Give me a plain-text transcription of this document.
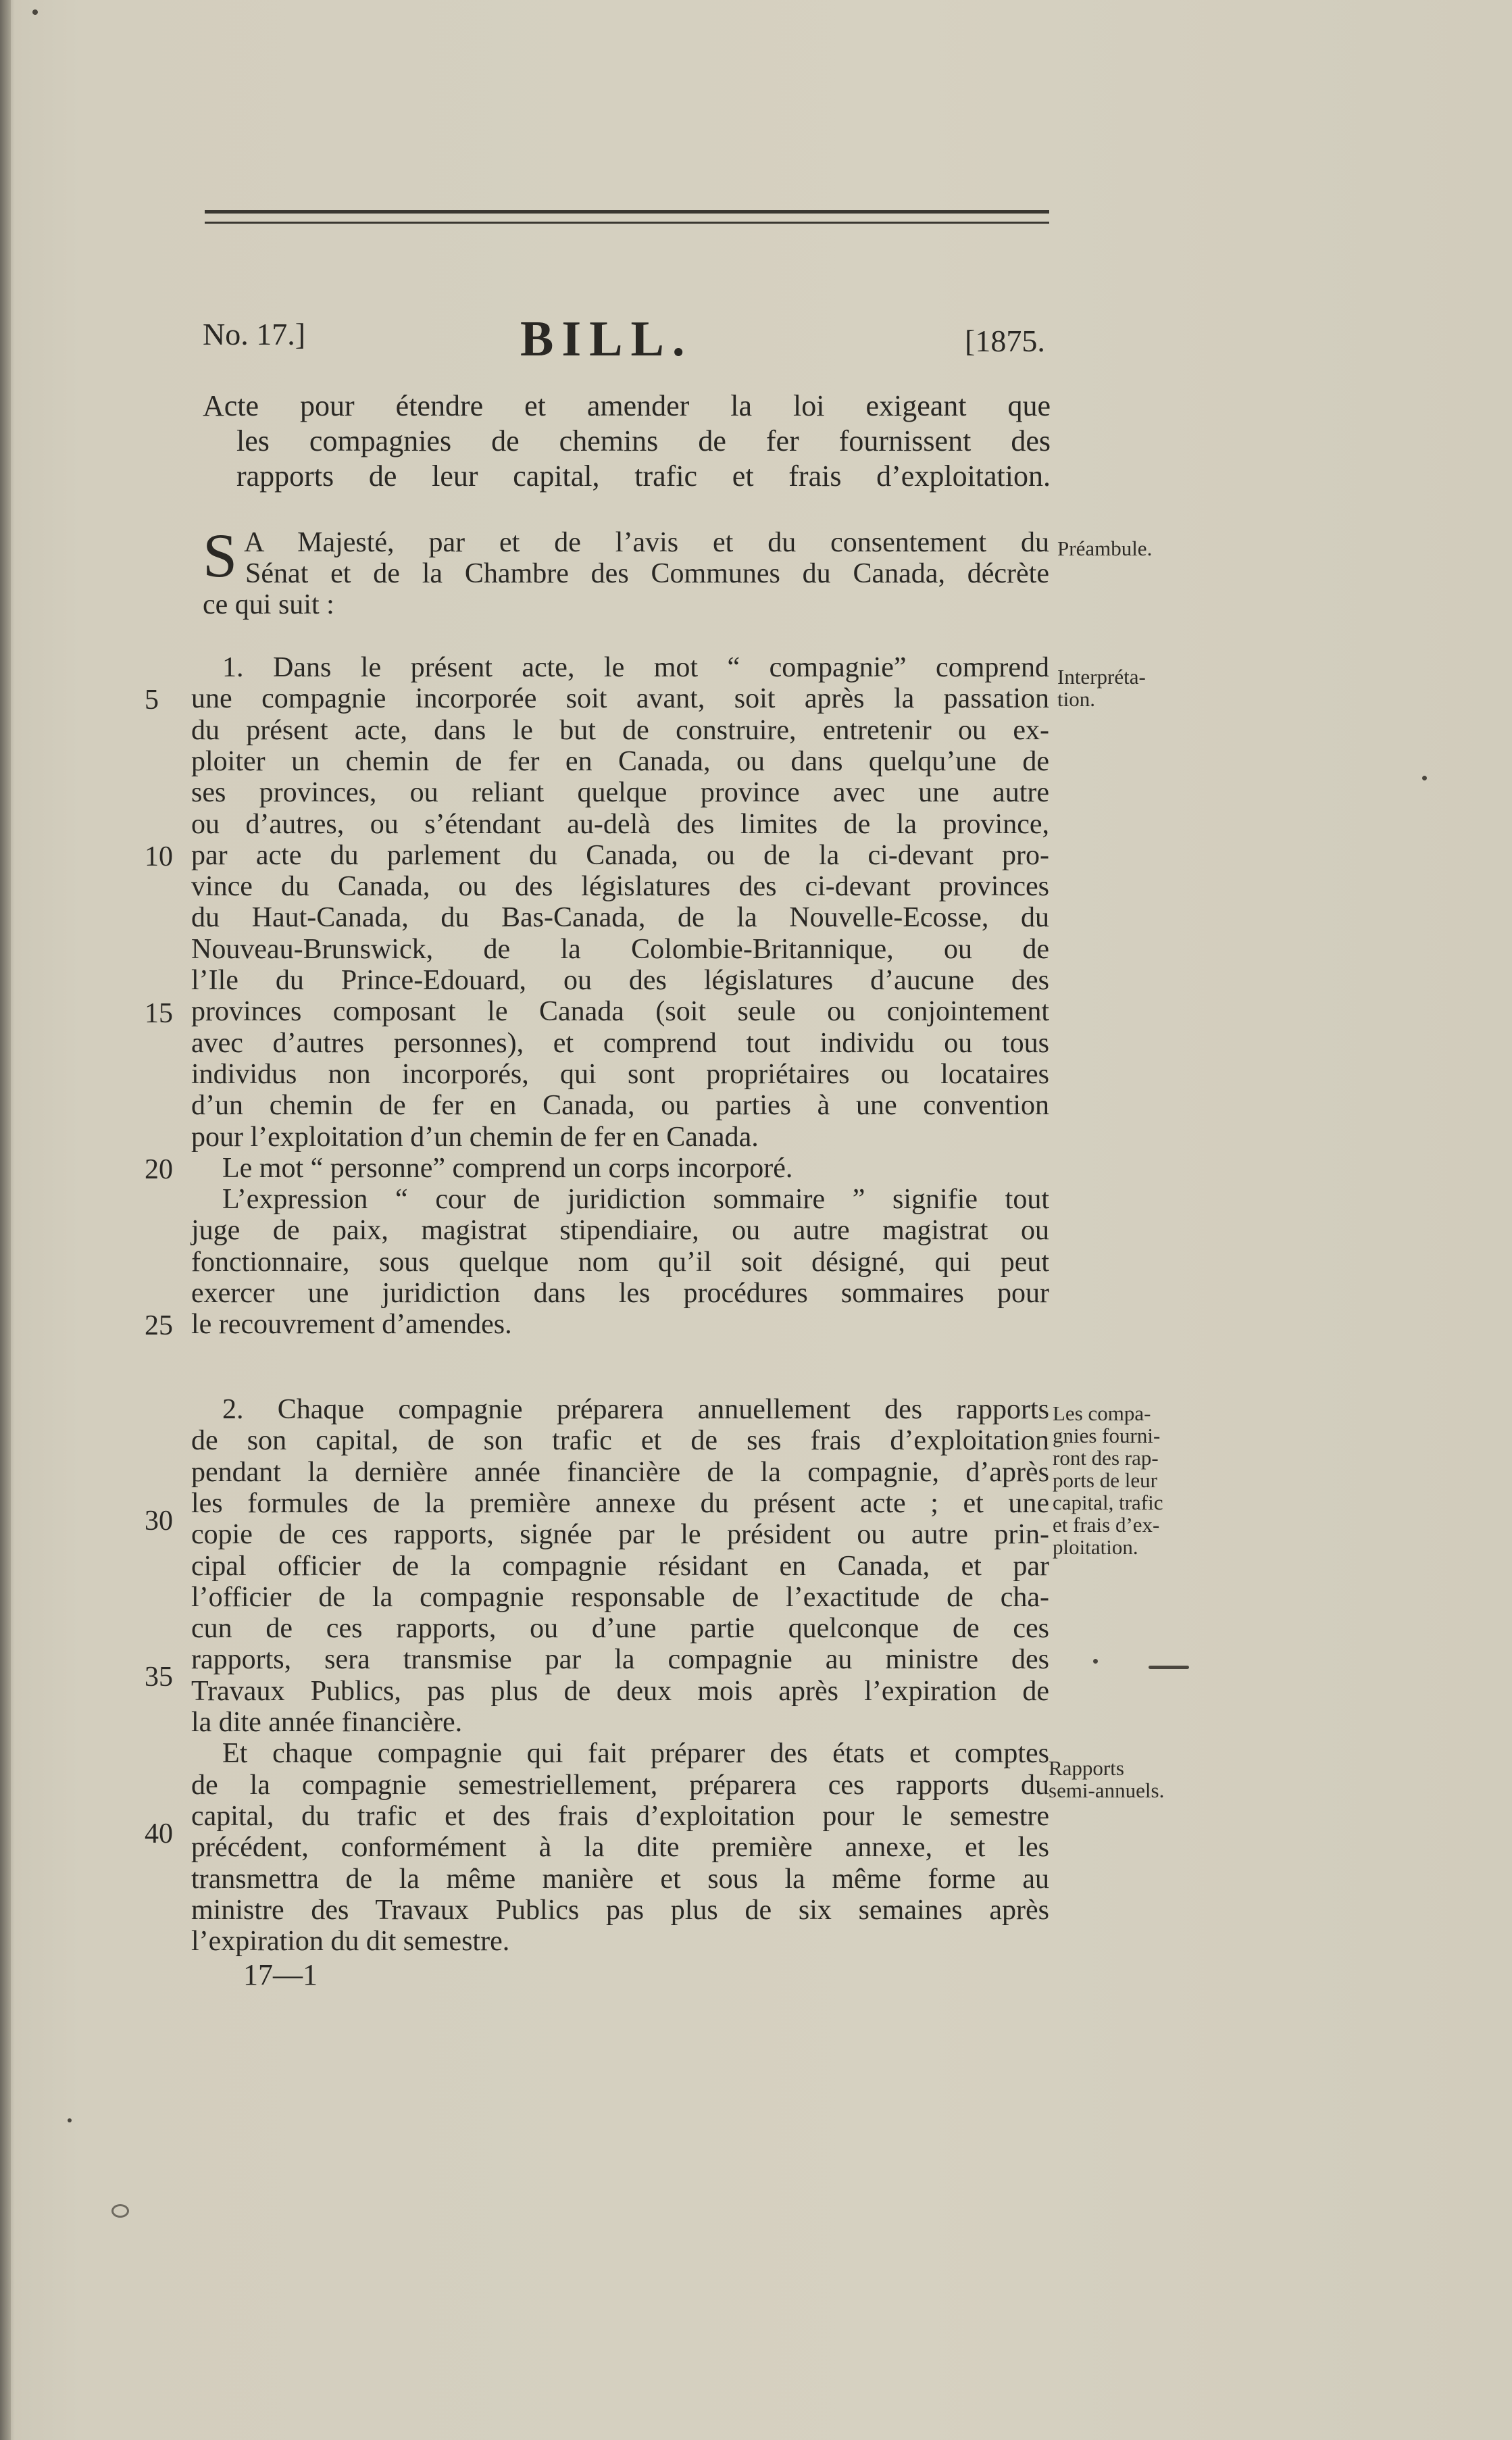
No. 17.]	BILL.	[1875.

Acte pour étendre et amender la loi exigeant que

les compagnies de chemins de fer fournissent des

rapports de leur capital, trafic et frais d’exploitation.

S A Majesté, par et de l’avis et du consentement du
Sénat et de la Chambre des Communes du Canada, décrète
ce qui suit :
1. Dans le présent acte, le mot “ compagnie” comprend
une compagnie incorporée soit avant, soit après la passation
du présent acte, dans le but de construire, entretenir ou ex-
ploiter un chemin de fer en Canada, ou dans quelqu’une de
ses provinces, ou reliant quelque province avec une autre
ou d’autres, ou s’étendant au-delà des limites de la province,
par acte du parlement du Canada, ou de la ci-devant pro-
vince du Canada, ou des législatures des ci-devant provinces
du Haut-Canada, du Bas-Canada, de la Nouvelle-Ecosse, du
Nouveau-Brunswick, de la Colombie-Britannique, ou de
l’Ile du Prince-Edouard, ou des législatures d’aucune des
provinces composant le Canada (soit seule ou conjointement
avec d’autres personnes), et comprend tout individu ou tous
individus non incorporés, qui sont propriétaires ou locataires
d’un chemin de fer en Canada, ou parties à une convention
pour l’exploitation d’un chemin de fer en Canada.
Le mot “ personne” comprend un corps incorporé.
L’expression “ cour de juridiction sommaire ” signifie tout
juge de paix, magistrat stipendiaire, ou autre magistrat ou
fonctionnaire, sous quelque nom qu’il soit désigné, qui peut
exercer une juridiction dans les procédures sommaires pour
le recouvrement d’amendes.
2. Chaque compagnie préparera annuellement des rapports
de son capital, de son trafic et de ses frais d’exploitation
pendant la dernière année financière de la compagnie, d’après
les formules de la première annexe du présent acte ; et une
copie de ces rapports, signée par le président ou autre prin-
cipal officier de la compagnie résidant en Canada, et par
l’officier de la compagnie responsable de l’exactitude de cha-
cun de ces rapports, ou d’une partie quelconque de ces
rapports, sera transmise par la compagnie au ministre des
Travaux Publics, pas plus de deux mois après l’expiration de
la dite année financière.
Et chaque compagnie qui fait préparer des états et comptes
de la compagnie semestriellement, préparera ces rapports du
capital, du trafic et des frais d’exploitation pour le semestre
précédent, conformément à la dite première annexe, et les
transmettra de la même manière et sous la même forme au
ministre des Travaux Publics pas plus de six semaines après
l’expiration du dit semestre.
5
10
15
20
25
30
35
40
Préambule.
Interpréta-
tion.
Les compa-
gnies fourni-
ront des rap-
ports de leur
capital, trafic
et frais d’ex-
ploitation.
Rapports
semi-annuels.
17—1
